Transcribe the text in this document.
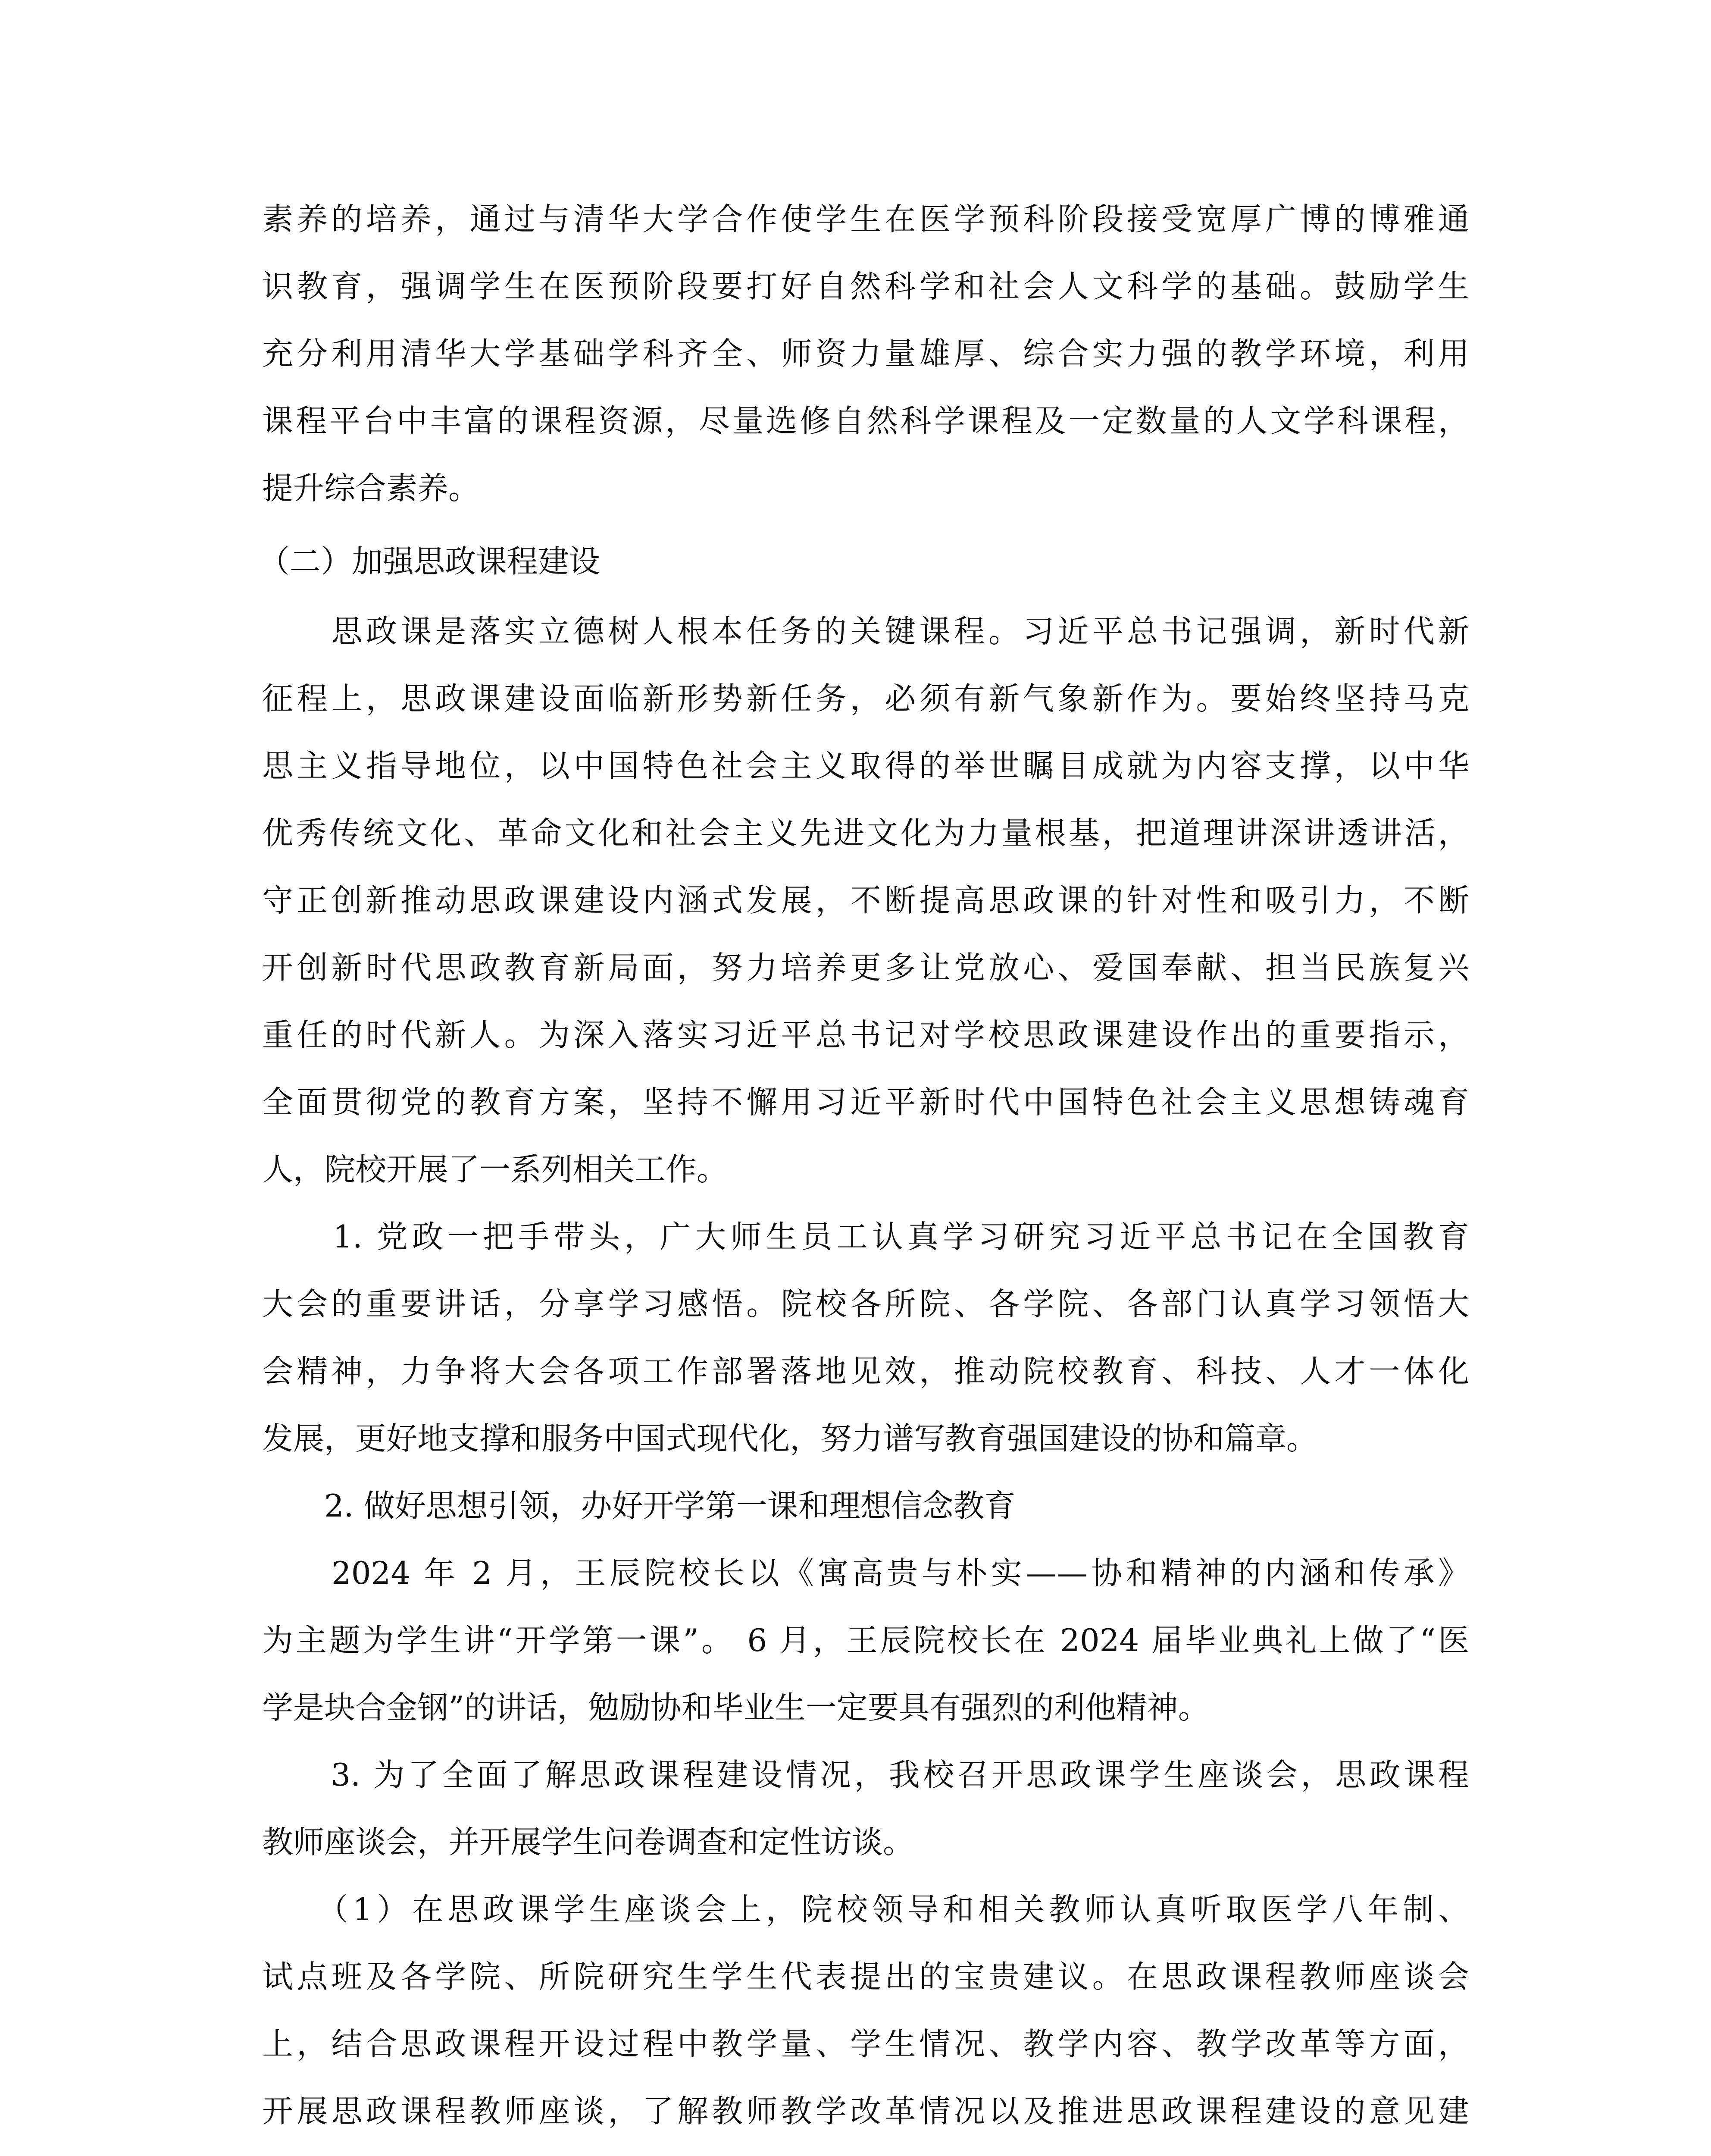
素养的培养，通过与清华大学合作使学生在医学预科阶段接受宽厚广博的博雅通
识教育，强调学生在医预阶段要打好自然科学和社会人文科学的基础。鼓励学生
充分利用清华大学基础学科齐全、师资力量雄厚、综合实力强的教学环境，利用
课程平台中丰富的课程资源，尽量选修自然科学课程及一定数量的人文学科课程，
提升综合素养。
（二）加强思政课程建设
　　思政课是落实立德树人根本任务的关键课程。习近平总书记强调，新时代新
征程上，思政课建设面临新形势新任务，必须有新气象新作为。要始终坚持马克
思主义指导地位，以中国特色社会主义取得的举世瞩目成就为内容支撑，以中华
优秀传统文化、革命文化和社会主义先进文化为力量根基，把道理讲深讲透讲活，
守正创新推动思政课建设内涵式发展，不断提高思政课的针对性和吸引力，不断
开创新时代思政教育新局面，努力培养更多让党放心、爱国奉献、担当民族复兴
重任的时代新人。为深入落实习近平总书记对学校思政课建设作出的重要指示，
全面贯彻党的教育方案，坚持不懈用习近平新时代中国特色社会主义思想铸魂育
人，院校开展了一系列相关工作。
　　1. 党政一把手带头，广大师生员工认真学习研究习近平总书记在全国教育
大会的重要讲话，分享学习感悟。院校各所院、各学院、各部门认真学习领悟大
会精神，力争将大会各项工作部署落地见效，推动院校教育、科技、人才一体化
发展，更好地支撑和服务中国式现代化，努力谱写教育强国建设的协和篇章。
　　2. 做好思想引领，办好开学第一课和理想信念教育
　　2024 年 2 月，王辰院校长以《寓高贵与朴实——协和精神的内涵和传承》
为主题为学生讲“开学第一课”。 6 月，王辰院校长在 2024 届毕业典礼上做了“医
学是块合金钢”的讲话，勉励协和毕业生一定要具有强烈的利他精神。
　　3. 为了全面了解思政课程建设情况，我校召开思政课学生座谈会，思政课程
教师座谈会，并开展学生问卷调查和定性访谈。
　　（1）在思政课学生座谈会上，院校领导和相关教师认真听取医学八年制、
试点班及各学院、所院研究生学生代表提出的宝贵建议。在思政课程教师座谈会
上，结合思政课程开设过程中教学量、学生情况、教学内容、教学改革等方面，
开展思政课程教师座谈，了解教师教学改革情况以及推进思政课程建设的意见建
